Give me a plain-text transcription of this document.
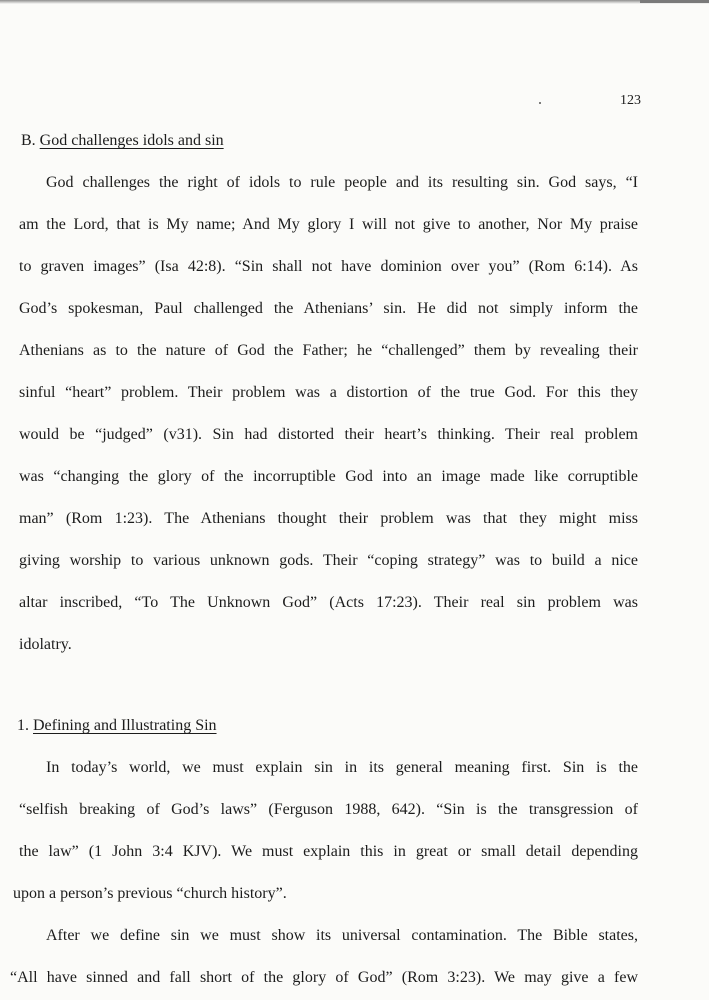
123
B. God challenges idols and sin
God challenges the right of idols to rule people and its resulting sin. God says, “I
am the Lord, that is My name; And My glory I will not give to another, Nor My praise
to graven images” (Isa 42:8). “Sin shall not have dominion over you” (Rom 6:14). As
God’s spokesman, Paul challenged the Athenians’ sin. He did not simply inform the
Athenians as to the nature of God the Father; he “challenged” them by revealing their
sinful “heart” problem. Their problem was a distortion of the true God. For this they
would be “judged” (v31). Sin had distorted their heart’s thinking. Their real problem
was “changing the glory of the incorruptible God into an image made like corruptible
man” (Rom 1:23). The Athenians thought their problem was that they might miss
giving worship to various unknown gods. Their “coping strategy” was to build a nice
altar inscribed, “To The Unknown God” (Acts 17:23). Their real sin problem was
idolatry.
1. Defining and Illustrating Sin
In today’s world, we must explain sin in its general meaning first. Sin is the
“selfish breaking of God’s laws” (Ferguson 1988, 642). “Sin is the transgression of
the law” (1 John 3:4 KJV). We must explain this in great or small detail depending
upon a person’s previous “church history”.
After we define sin we must show its universal contamination. The Bible states,
“All have sinned and fall short of the glory of God” (Rom 3:23). We may give a few
